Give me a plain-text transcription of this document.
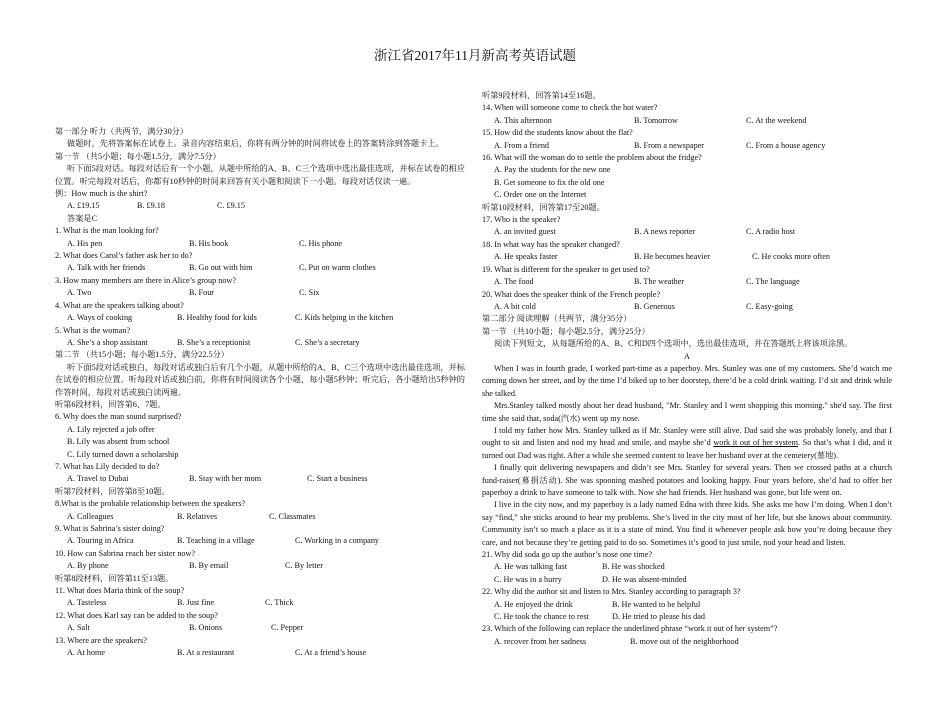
浙江省2017年11月新高考英语试题
第一部分 听力（共两节，满分30分）
做题时，先将答案标在试卷上。录音内容结束后，你将有两分钟的时间将试卷上的答案转涂到答题卡上。
第一节 （共5小题；每小题1.5分，满分7.5分）
听下面5段对话。每段对话后有一个小题，从题中所给的A、B、C三个选项中选出最佳选项，并标在试卷的相应位置。听完每段对话后，你都有10秒钟的时间来回答有关小题和阅读下一小题。每段对话仅读一遍。
例：How much is the shirt?
A. £19.15	B. £9.18	C. £9.15
答案是C
1. What is the man looking for?
A. His pen	B. His book	C. His phone
2. What does Carol’s father ask her to do?
A. Talk with her friends	B. Go out with him	C. Put on warm clothes
3. How many members are there in Alice’s group now?
A. Two	B. Four	C. Six
4. What are the speakers talking about?
A. Ways of cooking	B. Healthy food for kids	C. Kids helping in the kitchen
5. What is the woman?
A. She’s a shop assistant	B. She’s a receptionist	C. She’s a secretary
第二节 （共15小题；每小题1.5分，满分22.5分）
听下面5段对话或独白，每段对话或独白后有几个小题，从题中所给的A、B、C三个选项中选出最佳选项，并标在试卷的相应位置。听每段对话或独白前，你将有时间阅读各个小题，每小题5秒钟；听完后，各小题给出5秒钟的作答时间，每段对话或独白读两遍。
听第6段材料，回答第6、7题。
6. Why does the man sound surprised?
A. Lily rejected a job offer
B. Lily was absent from school
C. Lily turned down a scholarship
7. What has Lily decided to do?
A. Travel to Dubai	B. Stay with her mom	C. Start a business
听第7段材料，回答第8至10题。
8.What is the probable relationship between the speakers?
A. Colleagues	B. Relatives	C. Classmates
9. What is Sabrina’s sister doing?
A. Touring in Africa	B. Teaching in a village	C. Working in a company
10. How can Sabrina reach her sister now?
A. By phone	B. By email	C. By letter
听第8段材料，回答第11至13题。
11. What does Maria think of the soup?
A. Tasteless	B. Just fine	C. Thick
12. What does Karl say can be added to the soup?
A. Salt	B. Onions	C. Pepper
13. Where are the speakers?
A. At home	B. At a restaurant	C. At a friend’s house
听第9段材料，回答第14至16题。
14. When will someone come to check the hot water?
A. This afternoon	B. Tomorrow	C. At the weekend
15. How did the students know about the flat?
A. From a friend	B. From a newspaper	C. From a house agency
16. What will the woman do to settle the problem about the fridge?
A. Pay the students for the new one
B. Get someone to fix the old one
C. Order one on the Internet
听第10段材料，回答第17至20题。
17. Who is the speaker?
A. an invited guest	B. A news reporter	C. A radio host
18. In what way has the speaker changed?
A. He speaks faster	B. He becomes heavier	C. He cooks more often
19. What is different for the speaker to get used to?
A. The food	B. The weather	C. The language
20. What does the speaker think of the French people?
A. A bit cold	B. Generous	C. Easy-going
第二部分 阅读理解（共两节，满分35分）
第一节 （共10小题；每小题2.5分，满分25分）
阅读下列短文，从每题所给的A、B、C和D四个选项中，选出最佳选项，并在答题纸上将该项涂黑。
A
When I was in fourth grade, I worked part-time as a paperboy. Mrs. Stanley was one of my customers. She’d watch me coming down her street, and by the time I’d biked up to her doorstep, there’d be a cold drink waiting. I’d sit and drink while she talked.
Mrs.Stanley talked mostly about her dead husband, "Mr. Stanley and I went shopping this morning." she'd say. The first time she said that, soda(汽水) went up my nose.
I told my father how Mrs. Stanley talked as if Mr. Stanley were still alive. Dad said she was probably lonely, and that I ought to sit and listen and nod my head and smile, and maybe she’d work it out of her system. So that’s what I did, and it turned out Dad was right. After a while she seemed content to leave her husband over at the cemetery(墓地).
I finally quit delivering newspapers and didn’t see Mrs. Stanley for several years. Then we crossed paths at a church fund-raiser(募捐活动). She was spooning mashed potatoes and looking happy. Four years before, she’d had to offer her paperboy a drink to have someone to talk with. Now she had friends. Her husband was gone, but life went on.
I live in the city now, and my paperboy is a lady named Edna with three kids. She asks me how I’m doing. When I don’t say “find,” she sticks around to hear my problems. She’s lived in the city most of her life, but she knows about community. Community isn’t so much a place as it is a state of mind. You find it whenever people ask how you’re doing because they care, and not because they’re getting paid to do so. Sometimes it’s good to just smile, nod your head and listen.
21. Why did soda go up the author’s nose one time?
A. He was talking fast	B. He was shocked
C. He was in a hurry	D. He was absent-minded
22. Why did the author sit and listen to Mrs. Stanley according to paragraph 3?
A. He enjoyed the drink	B. He wanted to be helpful
C. He took the chance to rest	D. He tried to please his dad
23. Which of the following can replace the underlined phrase “work it out of her system”?
A. recover from her sadness	B. move out of the neighborhood
